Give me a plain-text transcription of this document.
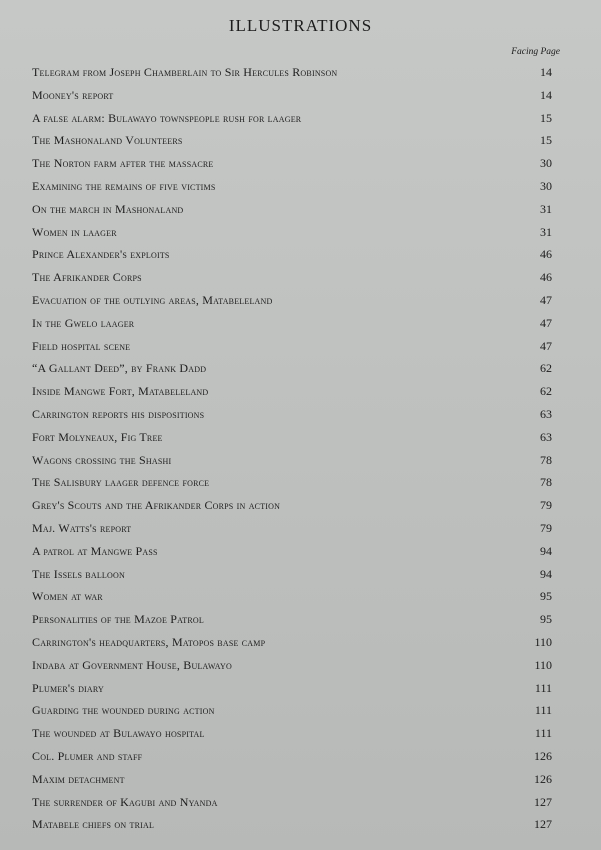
ILLUSTRATIONS
Facing Page
Telegram from Joseph Chamberlain to Sir Hercules Robinson	14
Mooney's report	14
A false alarm: Bulawayo townspeople rush for laager	15
The Mashonaland Volunteers	15
The Norton farm after the massacre	30
Examining the remains of five victims	30
On the march in Mashonaland	31
Women in laager	31
Prince Alexander's exploits	46
The Afrikander Corps	46
Evacuation of the outlying areas, Matabeleland	47
In the Gwelo laager	47
Field hospital scene	47
“A Gallant Deed”, by Frank Dadd	62
Inside Mangwe Fort, Matabeleland	62
Carrington reports his dispositions	63
Fort Molyneaux, Fig Tree	63
Wagons crossing the Shashi	78
The Salisbury laager defence force	78
Grey's Scouts and the Afrikander Corps in action	79
Maj. Watts's report	79
A patrol at Mangwe Pass	94
The Issels balloon	94
Women at war	95
Personalities of the Mazoe Patrol	95
Carrington's headquarters, Matopos base camp	110
Indaba at Government House, Bulawayo	110
Plumer's diary	111
Guarding the wounded during action	111
The wounded at Bulawayo hospital	111
Col. Plumer and staff	126
Maxim detachment	126
The surrender of Kagubi and Nyanda	127
Matabele chiefs on trial	127
